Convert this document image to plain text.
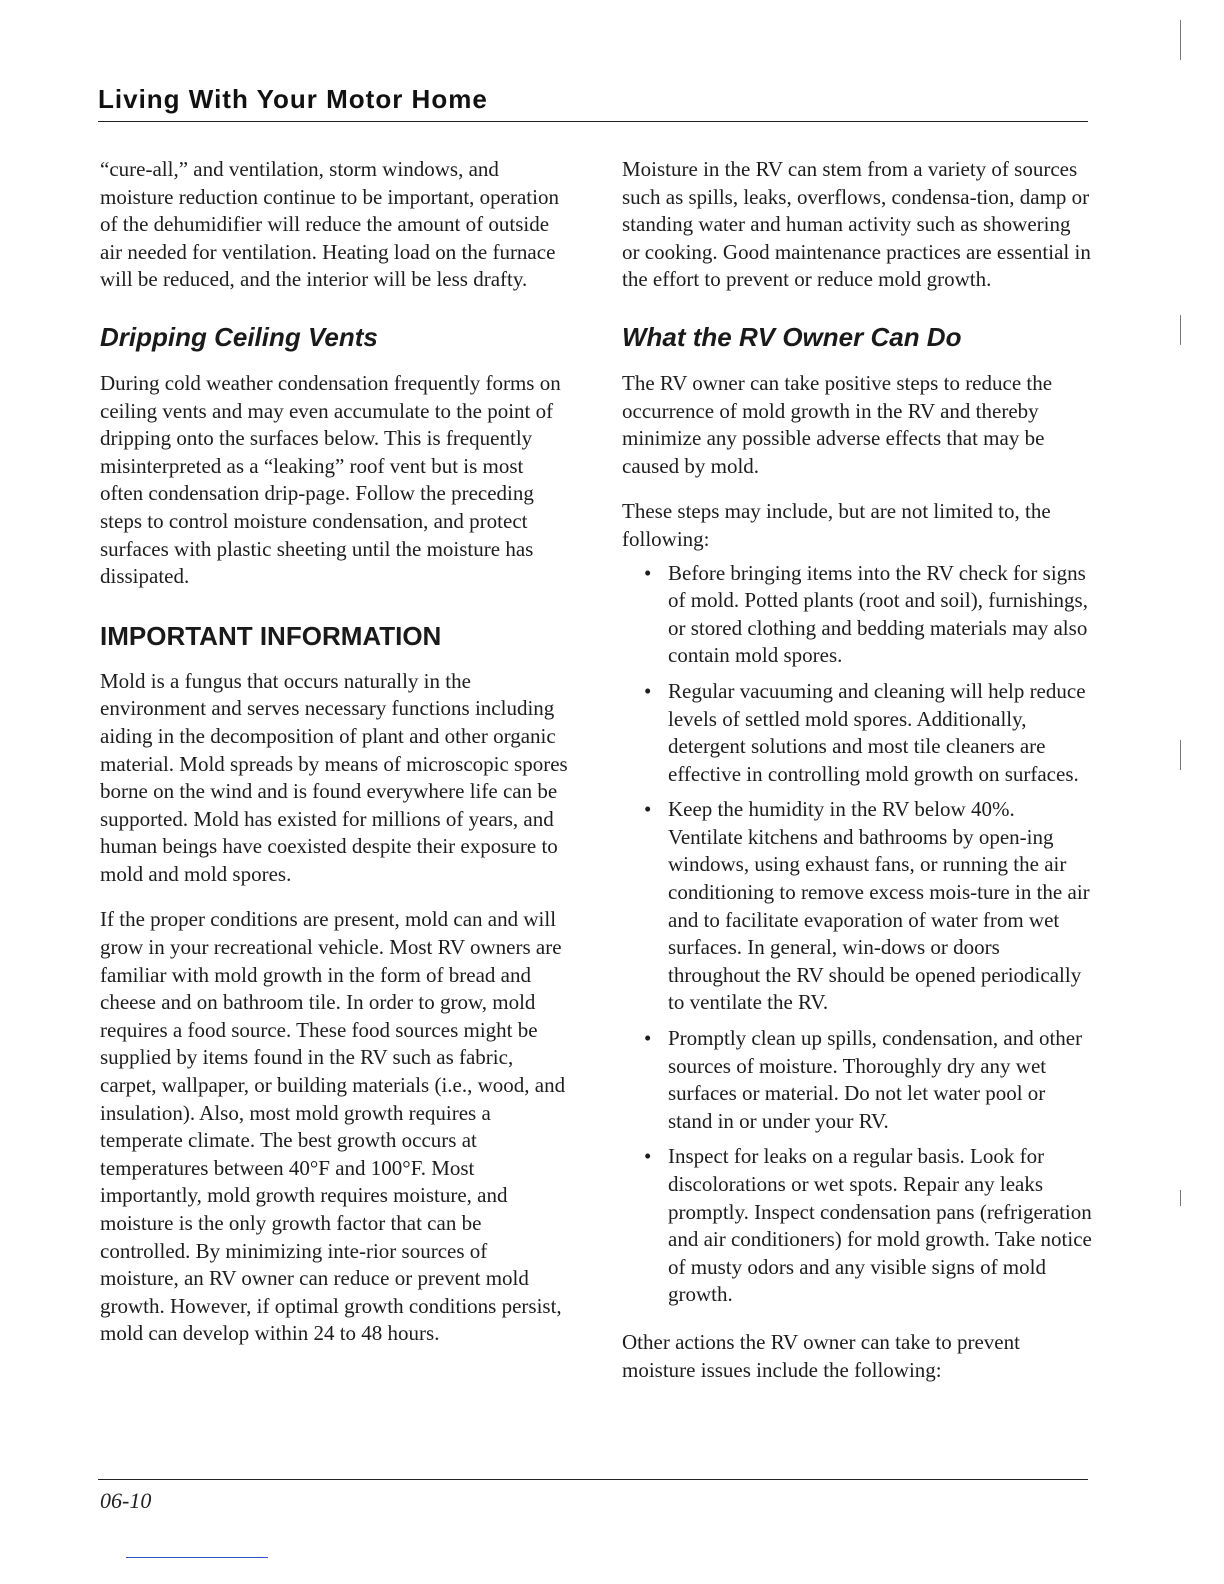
Living With Your Motor Home

“cure-all,” and ventilation, storm windows, and moisture reduction continue to be important, operation of the dehumidifier will reduce the amount of outside air needed for ventilation. Heating load on the furnace will be reduced, and the interior will be less drafty.

Dripping Ceiling Vents

During cold weather condensation frequently forms on ceiling vents and may even accumulate to the point of dripping onto the surfaces below. This is frequently misinterpreted as a “leaking” roof vent but is most often condensation drip-page. Follow the preceding steps to control moisture condensation, and protect surfaces with plastic sheeting until the moisture has dissipated.

IMPORTANT INFORMATION

Mold is a fungus that occurs naturally in the environment and serves necessary functions including aiding in the decomposition of plant and other organic material. Mold spreads by means of microscopic spores borne on the wind and is found everywhere life can be supported. Mold has existed for millions of years, and human beings have coexisted despite their exposure to mold and mold spores.

If the proper conditions are present, mold can and will grow in your recreational vehicle. Most RV owners are familiar with mold growth in the form of bread and cheese and on bathroom tile. In order to grow, mold requires a food source. These food sources might be supplied by items found in the RV such as fabric, carpet, wallpaper, or building materials (i.e., wood, and insulation). Also, most mold growth requires a temperate climate. The best growth occurs at temperatures between 40°F and 100°F. Most importantly, mold growth requires moisture, and moisture is the only growth factor that can be controlled. By minimizing inte-rior sources of moisture, an RV owner can reduce or prevent mold growth. However, if optimal growth conditions persist, mold can develop within 24 to 48 hours.

Moisture in the RV can stem from a variety of sources such as spills, leaks, overflows, condensa-tion, damp or standing water and human activity such as showering or cooking. Good maintenance practices are essential in the effort to prevent or reduce mold growth.

What the RV Owner Can Do

The RV owner can take positive steps to reduce the occurrence of mold growth in the RV and thereby minimize any possible adverse effects that may be caused by mold.

These steps may include, but are not limited to, the following:

• Before bringing items into the RV check for signs of mold. Potted plants (root and soil), furnishings, or stored clothing and bedding materials may also contain mold spores.
• Regular vacuuming and cleaning will help reduce levels of settled mold spores. Additionally, detergent solutions and most tile cleaners are effective in controlling mold growth on surfaces.
• Keep the humidity in the RV below 40%. Ventilate kitchens and bathrooms by open-ing windows, using exhaust fans, or running the air conditioning to remove excess mois-ture in the air and to facilitate evaporation of water from wet surfaces. In general, win-dows or doors throughout the RV should be opened periodically to ventilate the RV.
• Promptly clean up spills, condensation, and other sources of moisture. Thoroughly dry any wet surfaces or material. Do not let water pool or stand in or under your RV.
• Inspect for leaks on a regular basis. Look for discolorations or wet spots. Repair any leaks promptly. Inspect condensation pans (refrigeration and air conditioners) for mold growth. Take notice of musty odors and any visible signs of mold growth.

Other actions the RV owner can take to prevent moisture issues include the following:

06-10
